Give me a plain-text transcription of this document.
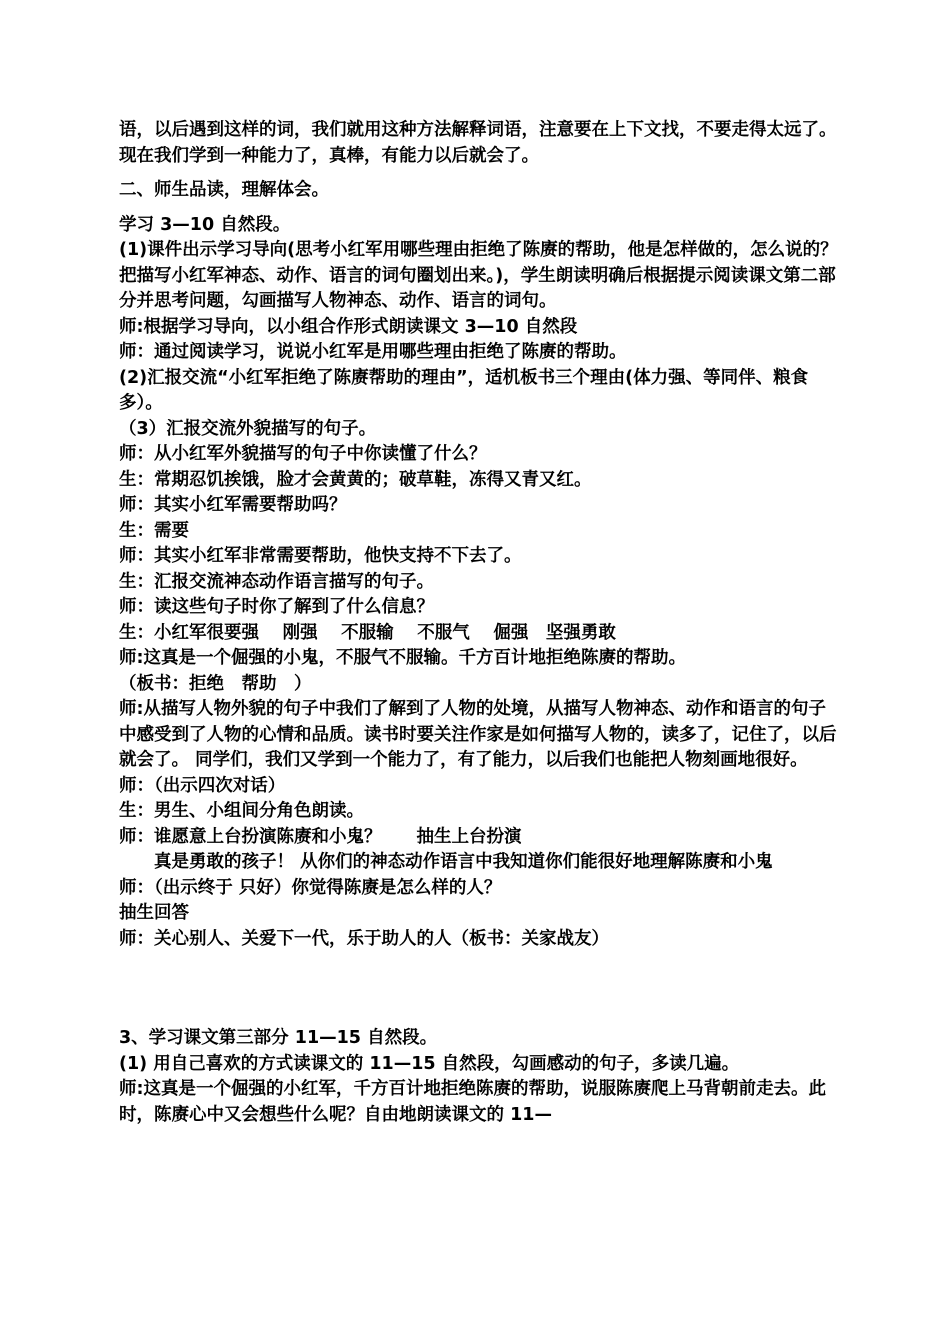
语，以后遇到这样的词，我们就用这种方法解释词语，注意要在上下文找，不要走得太远了。　现在我们学到一种能力了，真棒，有能力以后就会了。

二、师生品读，理解体会。

学习 3—10 自然段。

(1)课件出示学习导向(思考小红军用哪些理由拒绝了陈赓的帮助，他是怎样做的，怎么说的？

把描写小红军神态、动作、语言的词句圈划出来。)，学生朗读明确后根据提示阅读课文第二部分并思考问题，勾画描写人物神态、动作、语言的词句。

师:根据学习导向，以小组合作形式朗读课文 3—10 自然段

师：通过阅读学习，说说小红军是用哪些理由拒绝了陈赓的帮助。

(2)汇报交流“小红军拒绝了陈赓帮助的理由”，适机板书三个理由(体力强、等同伴、粮食多）。

（3）汇报交流外貌描写的句子。

师：从小红军外貌描写的句子中你读懂了什么？

生：常期忍饥挨饿，脸才会黄黄的；破草鞋，冻得又青又红。

师：其实小红军需要帮助吗？

生：需要

师：其实小红军非常需要帮助，他快支持不下去了。

生：汇报交流神态动作语言描写的句子。

师：读这些句子时你了解到了什么信息？

生：小红军很要强　 刚强　 不服输　 不服气　 倔强　坚强勇敢

师:这真是一个倔强的小鬼，不服气不服输。千方百计地拒绝陈赓的帮助。

（板书：拒绝　帮助　）

师:从描写人物外貌的句子中我们了解到了人物的处境，从描写人物神态、动作和语言的句子中感受到了人物的心情和品质。读书时要关注作家是如何描写人物的，读多了，记住了，以后就会了。 同学们，我们又学到一个能力了，有了能力，以后我们也能把人物刻画地很好。

师：（出示四次对话）

生：男生、小组间分角色朗读。

师：谁愿意上台扮演陈赓和小鬼？　　抽生上台扮演

真是勇敢的孩子！ 从你们的神态动作语言中我知道你们能很好地理解陈赓和小鬼

师：（出示终于 只好）你觉得陈赓是怎么样的人？

抽生回答

师：关心别人、关爱下一代，乐于助人的人（板书：关家战友）

3、学习课文第三部分 11—15 自然段。

(1) 用自己喜欢的方式读课文的 11—15 自然段，勾画感动的句子，多读几遍。

师:这真是一个倔强的小红军，千方百计地拒绝陈赓的帮助，说服陈赓爬上马背朝前走去。此时，陈赓心中又会想些什么呢？自由地朗读课文的 11—
